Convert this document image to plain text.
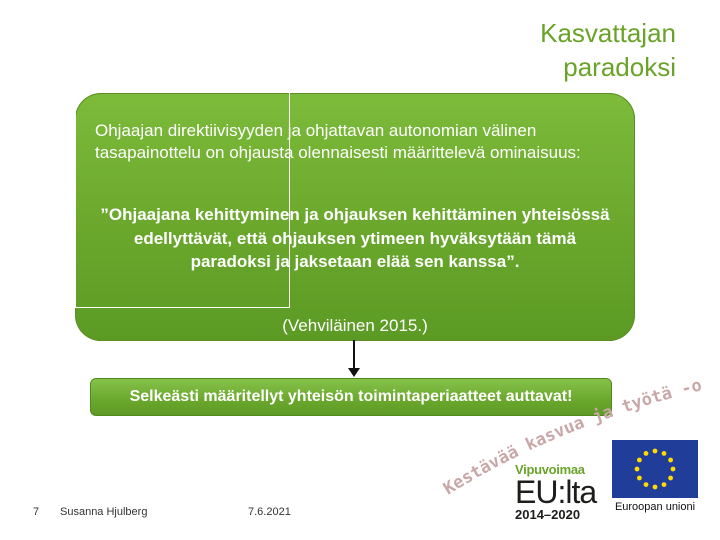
Kasvattajan
paradoksi
Ohjaajan direktiivisyyden ja ohjattavan autonomian välinen tasapainottelu on ohjausta olennaisesti määrittelevä ominaisuus:
”Ohjaajana kehittyminen ja ohjauksen kehittäminen yhteisössä edellyttävät, että ohjauksen ytimeen hyväksytään tämä paradoksi ja jaksetaan elää sen kanssa”.
(Vehviläinen 2015.)
Selkeästi määritellyt yhteisön toimintaperiaatteet auttavat!
Kestävää kasvua ja työtä -ohjelma
7 Susanna Hjulberg	7.6.2021
Vipuvoimaa
EU:lta
2014–2020	Euroopan unioni
